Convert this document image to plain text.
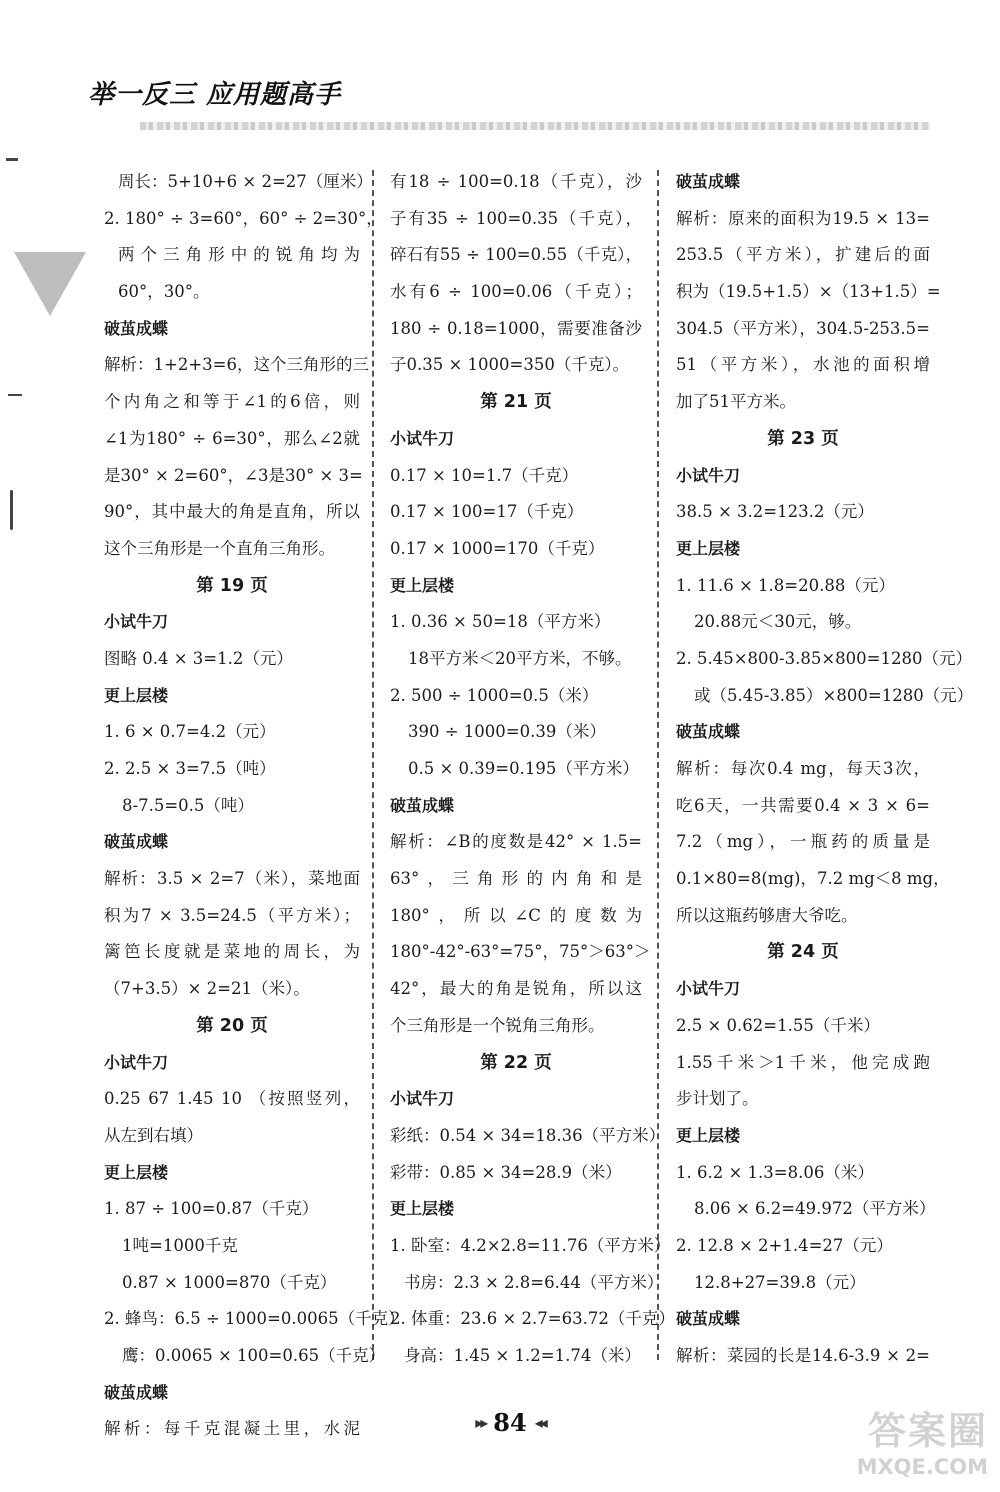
举一反三 应用题高手
周长：5+10+6 × 2=27（厘米）
2. 180° ÷ 3=60°，60° ÷ 2=30°，
两个三角形中的锐角均为
60°，30°。
破茧成蝶
解析：1+2+3=6，这个三角形的三
个内角之和等于∠1的6倍，则
∠1为180° ÷ 6=30°，那么∠2就
是30° × 2=60°，∠3是30° × 3=
90°，其中最大的角是直角，所以
这个三角形是一个直角三角形。
第 19 页
小试牛刀
图略 0.4 × 3=1.2（元）
更上层楼
1. 6 × 0.7=4.2（元）
2. 2.5 × 3=7.5（吨）
8-7.5=0.5（吨）
破茧成蝶
解析：3.5 × 2=7（米），菜地面
积为7 × 3.5=24.5（平方米）；
篱笆长度就是菜地的周长，为
（7+3.5）× 2=21（米）。
第 20 页
小试牛刀
0.25 67 1.45 10 （按照竖列，
从左到右填）
更上层楼
1. 87 ÷ 100=0.87（千克）
1吨=1000千克
0.87 × 1000=870（千克）
2. 蜂鸟：6.5 ÷ 1000=0.0065（千克）
鹰：0.0065 × 100=0.65（千克）
破茧成蝶
解析：每千克混凝土里，水泥
有18 ÷ 100=0.18（千克），沙
子有35 ÷ 100=0.35（千克），
碎石有55 ÷ 100=0.55（千克），
水有6 ÷ 100=0.06（千克）；
180 ÷ 0.18=1000，需要准备沙
子0.35 × 1000=350（千克）。
第 21 页
小试牛刀
0.17 × 10=1.7（千克）
0.17 × 100=17（千克）
0.17 × 1000=170（千克）
更上层楼
1. 0.36 × 50=18（平方米）
18平方米＜20平方米，不够。
2. 500 ÷ 1000=0.5（米）
390 ÷ 1000=0.39（米）
0.5 × 0.39=0.195（平方米）
破茧成蝶
解析：∠B的度数是42° × 1.5=
63°，三角形的内角和是
180°，所以∠C的度数为
180°-42°-63°=75°，75°＞63°＞
42°，最大的角是锐角，所以这
个三角形是一个锐角三角形。
第 22 页
小试牛刀
彩纸：0.54 × 34=18.36（平方米）
彩带：0.85 × 34=28.9（米）
更上层楼
1. 卧室：4.2×2.8=11.76（平方米）
书房：2.3 × 2.8=6.44（平方米）
2. 体重：23.6 × 2.7=63.72（千克）
身高：1.45 × 1.2=1.74（米）
破茧成蝶
解析：原来的面积为19.5 × 13=
253.5（平方米），扩建后的面
积为（19.5+1.5）×（13+1.5）=
304.5（平方米），304.5-253.5=
51（平方米），水池的面积增
加了51平方米。
第 23 页
小试牛刀
38.5 × 3.2=123.2（元）
更上层楼
1. 11.6 × 1.8=20.88（元）
20.88元＜30元，够。
2. 5.45×800-3.85×800=1280（元）
或（5.45-3.85）×800=1280（元）
破茧成蝶
解析：每次0.4 mg，每天3次，
吃6天，一共需要0.4 × 3 × 6=
7.2（mg），一瓶药的质量是
0.1×80=8(mg)，7.2 mg＜8 mg，
所以这瓶药够唐大爷吃。
第 24 页
小试牛刀
2.5 × 0.62=1.55（千米）
1.55千米＞1千米，他完成跑
步计划了。
更上层楼
1. 6.2 × 1.3=8.06（米）
8.06 × 6.2=49.972（平方米）
2. 12.8 × 2+1.4=27（元）
12.8+27=39.8（元）
破茧成蝶
解析：菜园的长是14.6-3.9 × 2=
▸▸ 84 ◂◂	答案圈
MXQE.COM
